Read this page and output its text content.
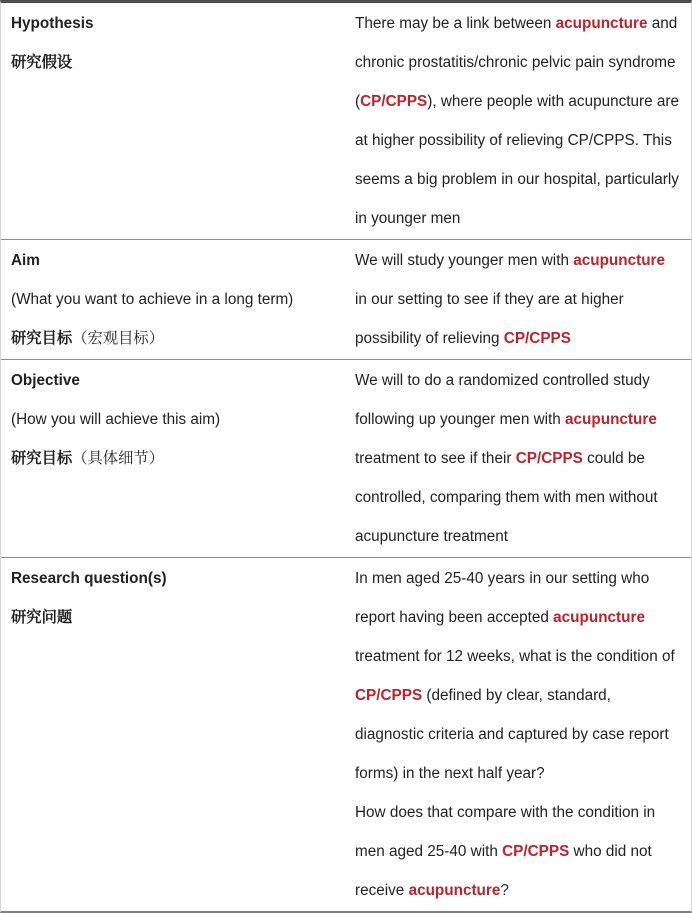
Hypothesis
研究假设

There may be a link between acupuncture and chronic prostatitis/chronic pelvic pain syndrome (CP/CPPS), where people with acupuncture are at higher possibility of relieving CP/CPPS. This seems a big problem in our hospital, particularly in younger men

Aim
(What you want to achieve in a long term)
研究目标（宏观目标）

We will study younger men with acupuncture in our setting to see if they are at higher possibility of relieving CP/CPPS

Objective
(How you will achieve this aim)
研究目标（具体细节）

We will to do a randomized controlled study following up younger men with acupuncture treatment to see if their CP/CPPS could be controlled, comparing them with men without acupuncture treatment

Research question(s)
研究问题

In men aged 25-40 years in our setting who report having been accepted acupuncture treatment for 12 weeks, what is the condition of CP/CPPS (defined by clear, standard, diagnostic criteria and captured by case report forms) in the next half year?

How does that compare with the condition in men aged 25-40 with CP/CPPS who did not receive acupuncture?
